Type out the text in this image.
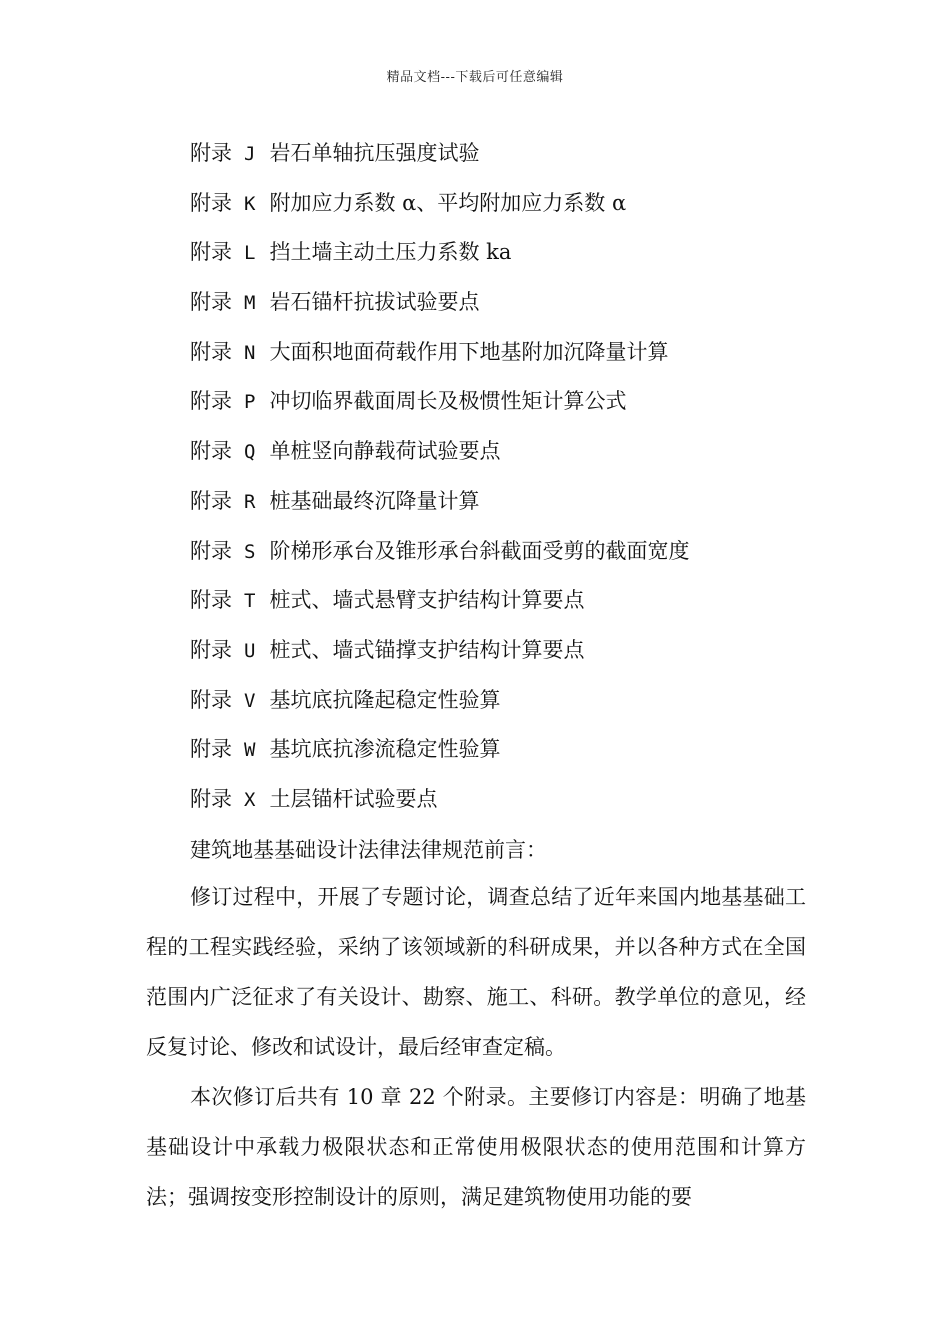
精品文档---下载后可任意编辑
附录 J 岩石单轴抗压强度试验
附录 K 附加应力系数 α、平均附加应力系数 α
附录 L 挡土墙主动土压力系数 ka
附录 M 岩石锚杆抗拔试验要点
附录 N 大面积地面荷载作用下地基附加沉降量计算
附录 P 冲切临界截面周长及极惯性矩计算公式
附录 Q 单桩竖向静载荷试验要点
附录 R 桩基础最终沉降量计算
附录 S 阶梯形承台及锥形承台斜截面受剪的截面宽度
附录 T 桩式、墙式悬臂支护结构计算要点
附录 U 桩式、墙式锚撑支护结构计算要点
附录 V 基坑底抗隆起稳定性验算
附录 W 基坑底抗渗流稳定性验算
附录 X 土层锚杆试验要点
建筑地基基础设计法律法律规范前言：

修订过程中，开展了专题讨论，调查总结了近年来国内地基基础工程的工程实践经验，采纳了该领域新的科研成果，并以各种方式在全国范围内广泛征求了有关设计、勘察、施工、科研。教学单位的意见，经反复讨论、修改和试设计，最后经审查定稿。

本次修订后共有 10 章 22 个附录。主要修订内容是：明确了地基基础设计中承载力极限状态和正常使用极限状态的使用范围和计算方法；强调按变形控制设计的原则，满足建筑物使用功能的要
